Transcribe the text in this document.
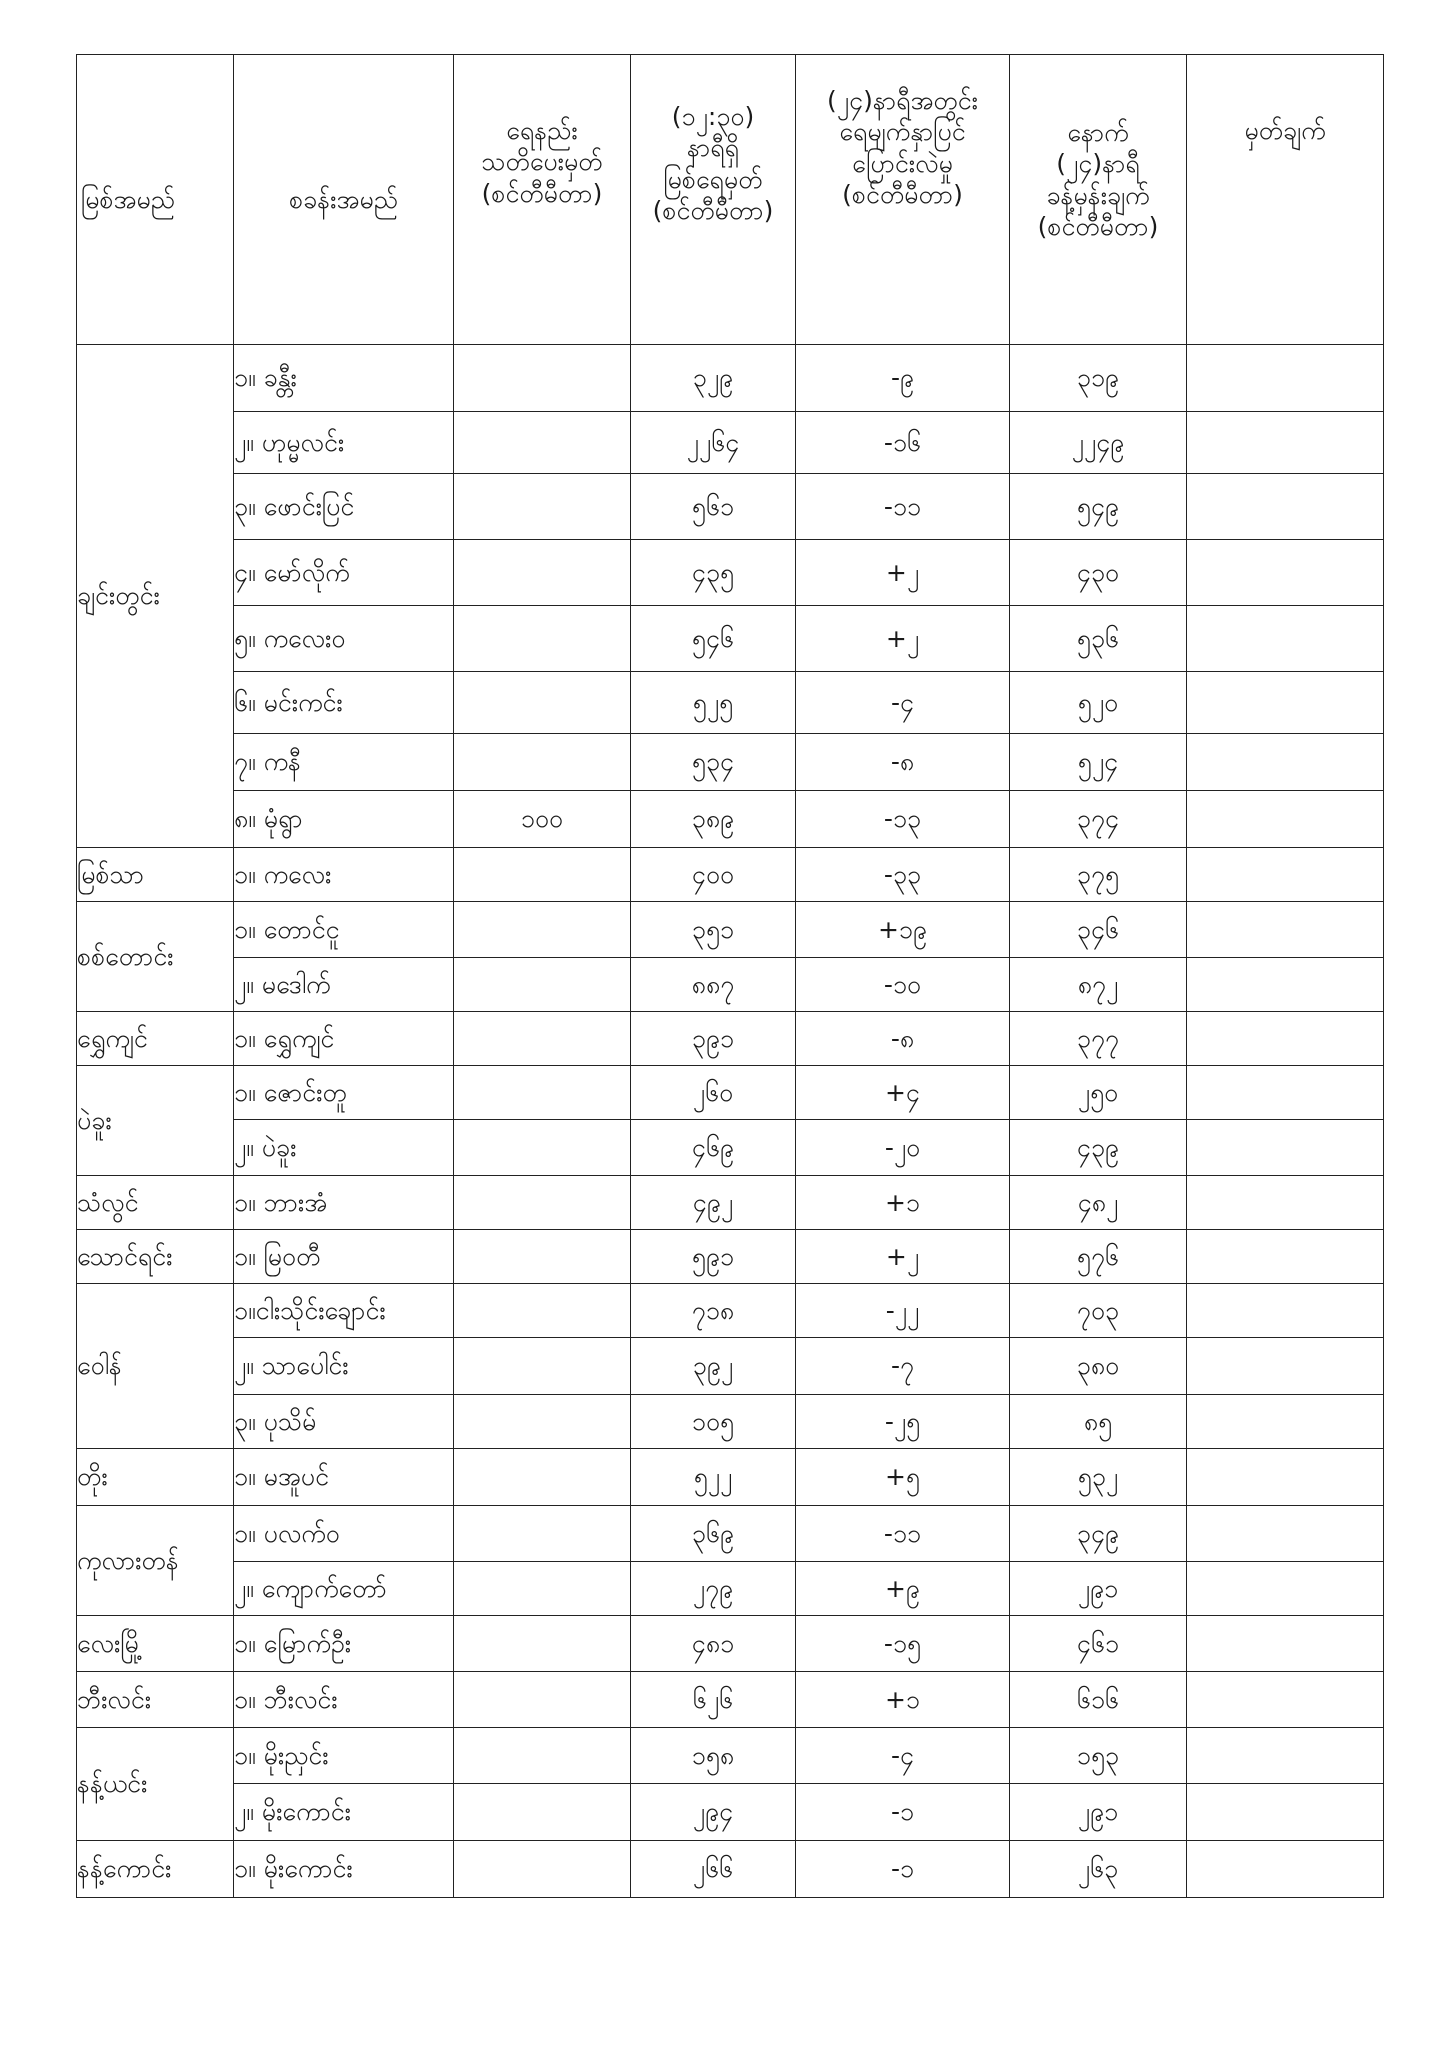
မြစ်အမည်	စခန်းအမည်	ရေနည်း
သတိပေးမှတ်
(စင်တီမီတာ)	(၁၂:၃၀)
နာရီရှိ
မြစ်ရေမှတ်
(စင်တီမီတာ)	(၂၄)နာရီအတွင်း
ရေမျက်နှာပြင်
ပြောင်းလဲမှု
(စင်တီမီတာ)	နောက်
(၂၄)နာရီ
ခန့်မှန်းချက်
(စင်တီမီတာ)	မှတ်ချက်
ချင်းတွင်း	၁။ ခန္တီး		၃၂၉	-၉	၃၁၉	
	၂။ ဟုမ္မလင်း		၂၂၆၄	-၁၆	၂၂၄၉	
	၃။ ဖောင်းပြင်		၅၆၁	-၁၁	၅၄၉	
	၄။ မော်လိုက်		၄၃၅	+၂	၄၃၀	
	၅။ ကလေးဝ		၅၄၆	+၂	၅၃၆	
	၆။ မင်းကင်း		၅၂၅	-၄	၅၂၀	
	၇။ ကနီ		၅၃၄	-၈	၅၂၄	
	၈။ မုံရွာ	၁၀၀	၃၈၉	-၁၃	၃၇၄	
မြစ်သာ	၁။ ကလေး		၄၀၀	-၃၃	၃၇၅	
စစ်တောင်း	၁။ တောင်ငူ		၃၅၁	+၁၉	၃၄၆	
	၂။ မဒေါက်		၈၈၇	-၁၀	၈၇၂	
ရွှေကျင်	၁။ ရွှေကျင်		၃၉၁	-၈	၃၇၇	
ပဲခူး	၁။ ဇောင်းတူ		၂၆၀	+၄	၂၅၀	
	၂။ ပဲခူး		၄၆၉	-၂၀	၄၃၉	
သံလွင်	၁။ ဘားအံ		၄၉၂	+၁	၄၈၂	
သောင်ရင်း	၁။ မြဝတီ		၅၉၁	+၂	၅၇၆	
ဝေါန်	၁။ငါးသိုင်းချောင်း		၇၁၈	-၂၂	၇၀၃	
	၂။ သာပေါင်း		၃၉၂	-၇	၃၈၀	
	၃။ ပုသိမ်		၁၀၅	-၂၅	၈၅	
တိုး	၁။ မအူပင်		၅၂၂	+၅	၅၃၂	
ကုလားတန်	၁။ ပလက်ဝ		၃၆၉	-၁၁	၃၄၉	
	၂။ ကျောက်တော်		၂၇၉	+၉	၂၉၁	
လေးမြို့	၁။ မြောက်ဦး		၄၈၁	-၁၅	၄၆၁	
ဘီးလင်း	၁။ ဘီးလင်း		၆၂၆	+၁	၆၁၆	
နန့်ယင်း	၁။ မိုးညှင်း		၁၅၈	-၄	၁၅၃	
	၂။ မိုးကောင်း		၂၉၄	-၁	၂၉၁	
နန့်ကောင်း	၁။ မိုးကောင်း		၂၆၆	-၁	၂၆၃	
